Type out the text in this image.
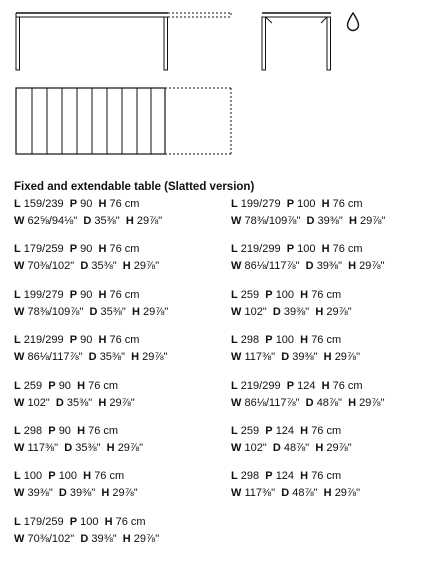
Fixed and extendable table (Slatted version)
L 159/239 P 90 H 76 cm
W 62⅝/94⅛" D 35⅜" H 29⅞"
L 199/279 P 100 H 76 cm
W 78⅜/109⅞" D 39⅜" H 29⅞"
L 179/259 P 90 H 76 cm
W 70⅜/102" D 35⅜" H 29⅞"
L 219/299 P 100 H 76 cm
W 86⅛/117⅞" D 39⅜" H 29⅞"
L 199/279 P 90 H 76 cm
W 78⅜/109⅞" D 35⅜" H 29⅞"
L 259 P 100 H 76 cm
W 102" D 39⅜" H 29⅞"
L 219/299 P 90 H 76 cm
W 86⅛/117⅞" D 35⅜" H 29⅞"
L 298 P 100 H 76 cm
W 117⅜" D 39⅜" H 29⅞"
L 259 P 90 H 76 cm
W 102" D 35⅜" H 29⅞"
L 219/299 P 124 H 76 cm
W 86⅛/117⅞" D 48⅞" H 29⅞"
L 298 P 90 H 76 cm
W 117⅜" D 35⅜" H 29⅞"
L 259 P 124 H 76 cm
W 102" D 48⅞" H 29⅞"
L 100 P 100 H 76 cm
W 39⅜" D 39⅜" H 29⅞"
L 298 P 124 H 76 cm
W 117⅜" D 48⅞" H 29⅞"
L 179/259 P 100 H 76 cm
W 70⅜/102" D 39⅜" H 29⅞"
